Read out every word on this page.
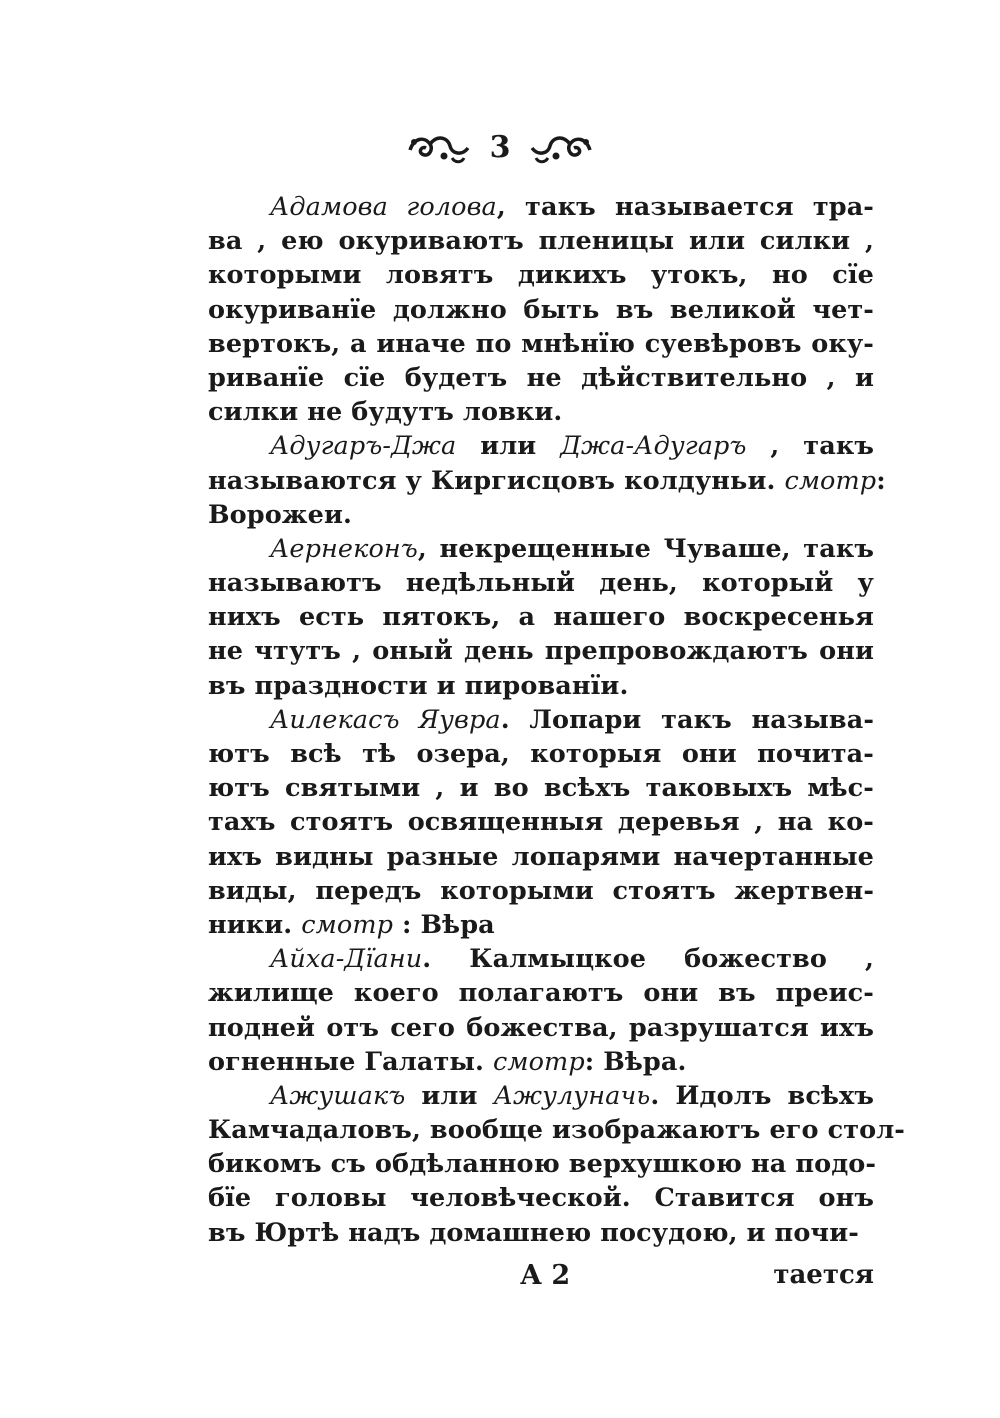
3
Адамова голова, такъ называется тра-
ва , ею окуриваютъ пленицы или силки ,
которыми ловятъ дикихъ утокъ, но сїе
окуриванїе должно быть въ великой чет-
вертокъ, а иначе по мнѣнїю суевѣровъ оку-
риванїе сїе будетъ не дѣйствительно , и
силки не будутъ ловки.
Адугаръ-Джа или Джа-Адугаръ , такъ
называются у Киргисцовъ колдуньи. смотр:
Ворожеи.
Аернеконъ, некрещенные Чуваше, такъ
называютъ недѣльный день, который у
нихъ есть пятокъ, а нашего воскресенья
не чтутъ , оный день препровождаютъ они
въ праздности и пированїи.
Аилекасъ Яувра. Лопари такъ называ-
ютъ всѣ тѣ озера, которыя они почита-
ютъ святыми , и во всѣхъ таковыхъ мѣс-
тахъ стоятъ освященныя деревья , на ко-
ихъ видны разные лопарями начертанные
виды, передъ которыми стоятъ жертвен-
ники. смотр : Вѣра
Айха-Дїани. Калмыцкое божество ,
жилище коего полагаютъ они въ преис-
подней отъ сего божества, разрушатся ихъ
огненные Галаты. смотр: Вѣра.
Ажушакъ или Ажулуначь. Идолъ всѣхъ
Камчадаловъ, вообще изображаютъ его стол-
бикомъ съ обдѣланною верхушкою на подо-
бїе головы человѣческой. Ставится онъ
въ Юртѣ надъ домашнею посудою, и почи-
А 2	тается
